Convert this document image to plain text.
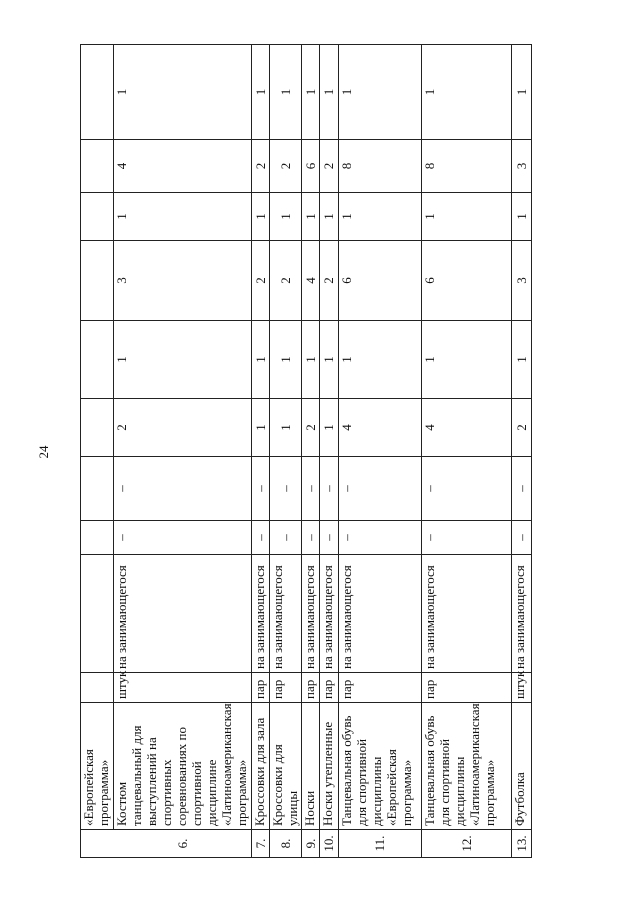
24
	«Европейская программа»										
6.	Костюм танцевальный для выступлений на спортивных соревнованиях по спортивной дисциплине «Латиноамериканская программа»	штук	на занимающегося	–	–	2	1	3	1	4	1
7.	Кроссовки для зала	пар	на занимающегося	–	–	1	1	2	1	2	1
8.	Кроссовки для улицы	пар	на занимающегося	–	–	1	1	2	1	2	1
9.	Носки	пар	на занимающегося	–	–	2	1	4	1	6	1
10.	Носки утепленные	пар	на занимающегося	–	–	1	1	2	1	2	1
11.	Танцевальная обувь для спортивной дисциплины «Европейская программа»	пар	на занимающегося	–	–	4	1	6	1	8	1
12.	Танцевальная обувь для спортивной дисциплины «Латиноамериканская программа»	пар	на занимающегося	–	–	4	1	6	1	8	1
13.	Футболка	штук	на занимающегося	–	–	2	1	3	1	3	1
